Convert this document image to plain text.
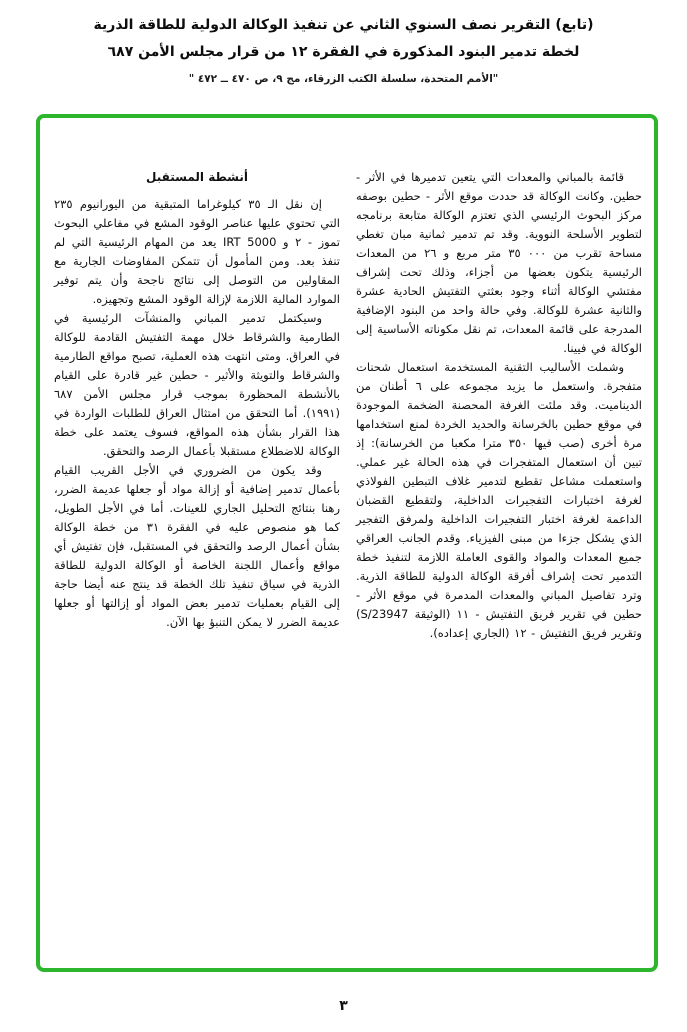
(تابع) التقرير نصف السنوي الثاني عن تنفيذ الوكالة الدولية للطاقة الذرية
لخطة تدمير البنود المذكورة في الفقرة ١٢ من قرار مجلس الأمن ٦٨٧
"الأمم المتحدة، سلسلة الكتب الزرقاء، مج ٩، ص ٤٧٠ ــ ٤٧٢ "

قائمة بالمباني والمعدات التي يتعين تدميرها في الأثر - حطين. وكانت الوكالة قد حددت موقع الأثر - حطين بوصفه مركز البحوث الرئيسي الذي تعتزم الوكالة متابعة برنامجه لتطوير الأسلحة النووية. وقد تم تدمير ثمانية مبان تغطي مساحة تقرب من ٠٠٠ ٣٥ متر مربع و ٢٦ من المعدات الرئيسية يتكون بعضها من أجزاء، وذلك تحت إشراف مفتشي الوكالة أثناء وجود بعثتي التفتيش الحادية عشرة والثانية عشرة للوكالة. وفي حالة واحد من البنود الإضافية المدرجة على قائمة المعدات، تم نقل مكوناته الأساسية إلى الوكالة في فيينا.

وشملت الأساليب التقنية المستخدمة استعمال شحنات متفجرة. واستعمل ما يزيد مجموعه على ٦ أطنان من الديناميت. وقد ملئت الغرفة المحصنة الضخمة الموجودة في موقع حطين بالخرسانة والحديد الخردة لمنع استخدامها مرة أخرى (صب فيها ٣٥٠ مترا مكعبا من الخرسانة): إذ تبين أن استعمال المتفجرات في هذه الحالة غير عملي. واستعملت مشاعل تقطيع لتدمير غلاف التبطين الفولاذي لغرفة اختبارات التفجيرات الداخلية، ولتقطيع القضبان الداعمة لغرفة اختبار التفجيرات الداخلية ولمرفق التفجير الذي يشكل جزءا من مبنى الفيزياء. وقدم الجانب العراقي جميع المعدات والمواد والقوى العاملة اللازمة لتنفيذ خطة التدمير تحت إشراف أفرقة الوكالة الدولية للطاقة الذرية. وترد تفاصيل المباني والمعدات المدمرة في موقع الأثر - حطين في تقرير فريق التفتيش - ١١ (الوثيقة S/23947) وتقرير فريق التفتيش - ١٢ (الجاري إعداده).

أنشطة المستقبل

إن نقل الـ ٣٥ كيلوغراما المتبقية من اليورانيوم ٢٣٥ التي تحتوي عليها عناصر الوقود المشع في مفاعلي البحوث تموز - ٢ و IRT 5000 يعد من المهام الرئيسية التي لم تنفذ بعد. ومن المأمول أن تتمكن المفاوضات الجارية مع المقاولين من التوصل إلى نتائج ناجحة وأن يتم توفير الموارد المالية اللازمة لإزالة الوقود المشع وتجهيزه.

وسيكتمل تدمير المباني والمنشآت الرئيسية في الطارمية والشرقاط خلال مهمة التفتيش القادمة للوكالة في العراق. ومتى انتهت هذه العملية، تصبح مواقع الطارمية والشرقاط والتويثة والأثير - حطين غير قادرة على القيام بالأنشطة المحظورة بموجب قرار مجلس الأمن ٦٨٧ (١٩٩١). أما التحقق من امتثال العراق للطلبات الواردة في هذا القرار بشأن هذه المواقع، فسوف يعتمد على خطة الوكالة للاضطلاع مستقبلا بأعمال الرصد والتحقق.

وقد يكون من الضروري في الأجل القريب القيام بأعمال تدمير إضافية أو إزالة مواد أو جعلها عديمة الضرر، رهنا بنتائج التحليل الجاري للعينات. أما في الأجل الطويل، كما هو منصوص عليه في الفقرة ٣١ من خطة الوكالة بشأن أعمال الرصد والتحقق في المستقبل، فإن تفتيش أي مواقع وأعمال اللجنة الخاصة أو الوكالة الدولية للطاقة الذرية في سياق تنفيذ تلك الخطة قد ينتج عنه أيضا حاجة إلى القيام بعمليات تدمير بعض المواد أو إزالتها أو جعلها عديمة الضرر لا يمكن التنبؤ بها الآن.

٣
